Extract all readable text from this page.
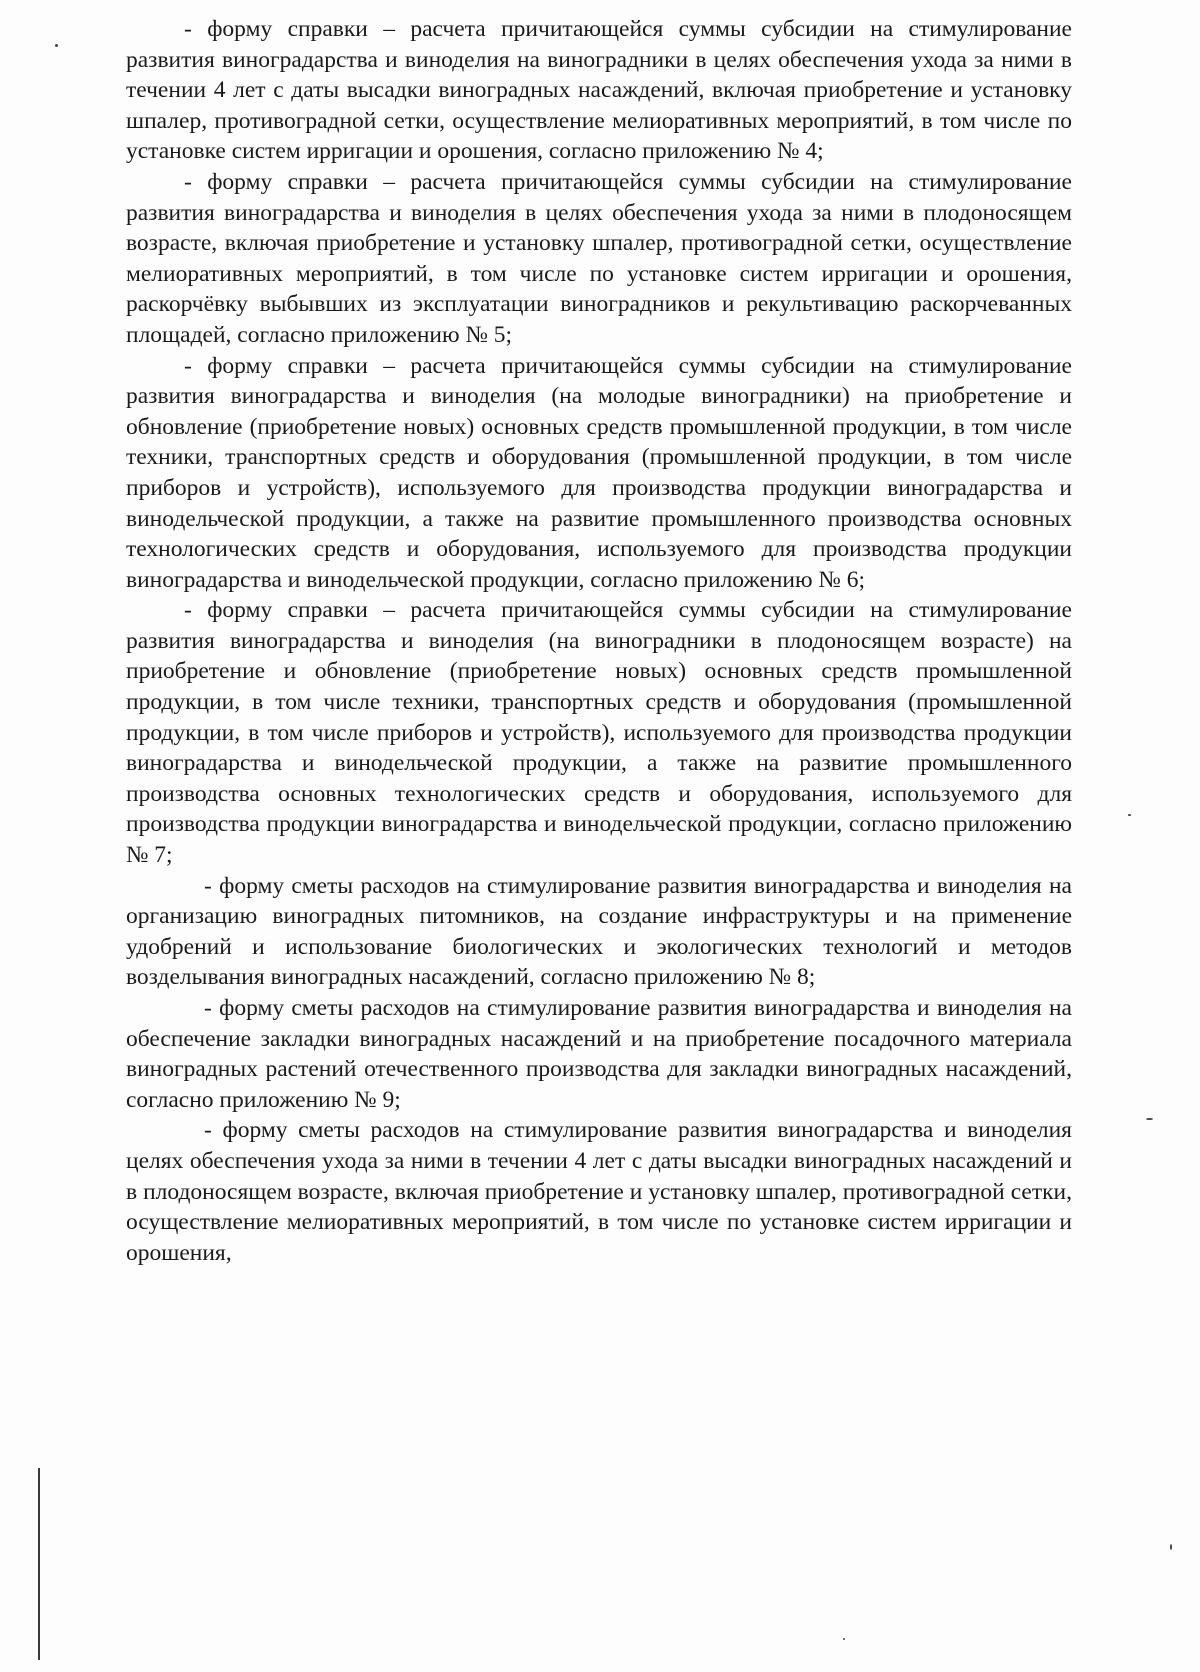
- форму справки – расчета причитающейся суммы субсидии на стимулирование развития виноградарства и виноделия на виноградники в целях обеспечения ухода за ними в течении 4 лет с даты высадки виноградных насаждений, включая приобретение и установку шпалер, противоградной сетки, осуществление мелиоративных мероприятий, в том числе по установке систем ирригации и орошения, согласно приложению № 4;

- форму справки – расчета причитающейся суммы субсидии на стимулирование развития виноградарства и виноделия в целях обеспечения ухода за ними в плодоносящем возрасте, включая приобретение и установку шпалер, противоградной сетки, осуществление мелиоративных мероприятий, в том числе по установке систем ирригации и орошения, раскорчёвку выбывших из эксплуатации виноградников и рекультивацию раскорчеванных площадей, согласно приложению № 5;

- форму справки – расчета причитающейся суммы субсидии на стимулирование развития виноградарства и виноделия (на молодые виноградники) на приобретение и обновление (приобретение новых) основных средств промышленной продукции, в том числе техники, транспортных средств и оборудования (промышленной продукции, в том числе приборов и устройств), используемого для производства продукции виноградарства и винодельческой продукции, а также на развитие промышленного производства основных технологических средств и оборудования, используемого для производства продукции виноградарства и винодельческой продукции, согласно приложению № 6;

- форму справки – расчета причитающейся суммы субсидии на стимулирование развития виноградарства и виноделия (на виноградники в плодоносящем возрасте) на приобретение и обновление (приобретение новых) основных средств промышленной продукции, в том числе техники, транспортных средств и оборудования (промышленной продукции, в том числе приборов и устройств), используемого для производства продукции виноградарства и винодельческой продукции, а также на развитие промышленного производства основных технологических средств и оборудования, используемого для производства продукции виноградарства и винодельческой продукции, согласно приложению № 7;

- форму сметы расходов на стимулирование развития виноградарства и виноделия на организацию виноградных питомников, на создание инфраструктуры и на применение удобрений и использование биологических и экологических технологий и методов возделывания виноградных насаждений, согласно приложению № 8;

- форму сметы расходов на стимулирование развития виноградарства и виноделия на обеспечение закладки виноградных насаждений и на приобретение посадочного материала виноградных растений отечественного производства для закладки виноградных насаждений, согласно приложению № 9;

- форму сметы расходов на стимулирование развития виноградарства и виноделия целях обеспечения ухода за ними в течении 4 лет с даты высадки виноградных насаждений и в плодоносящем возрасте, включая приобретение и установку шпалер, противоградной сетки, осуществление мелиоративных мероприятий, в том числе по установке систем ирригации и орошения,
